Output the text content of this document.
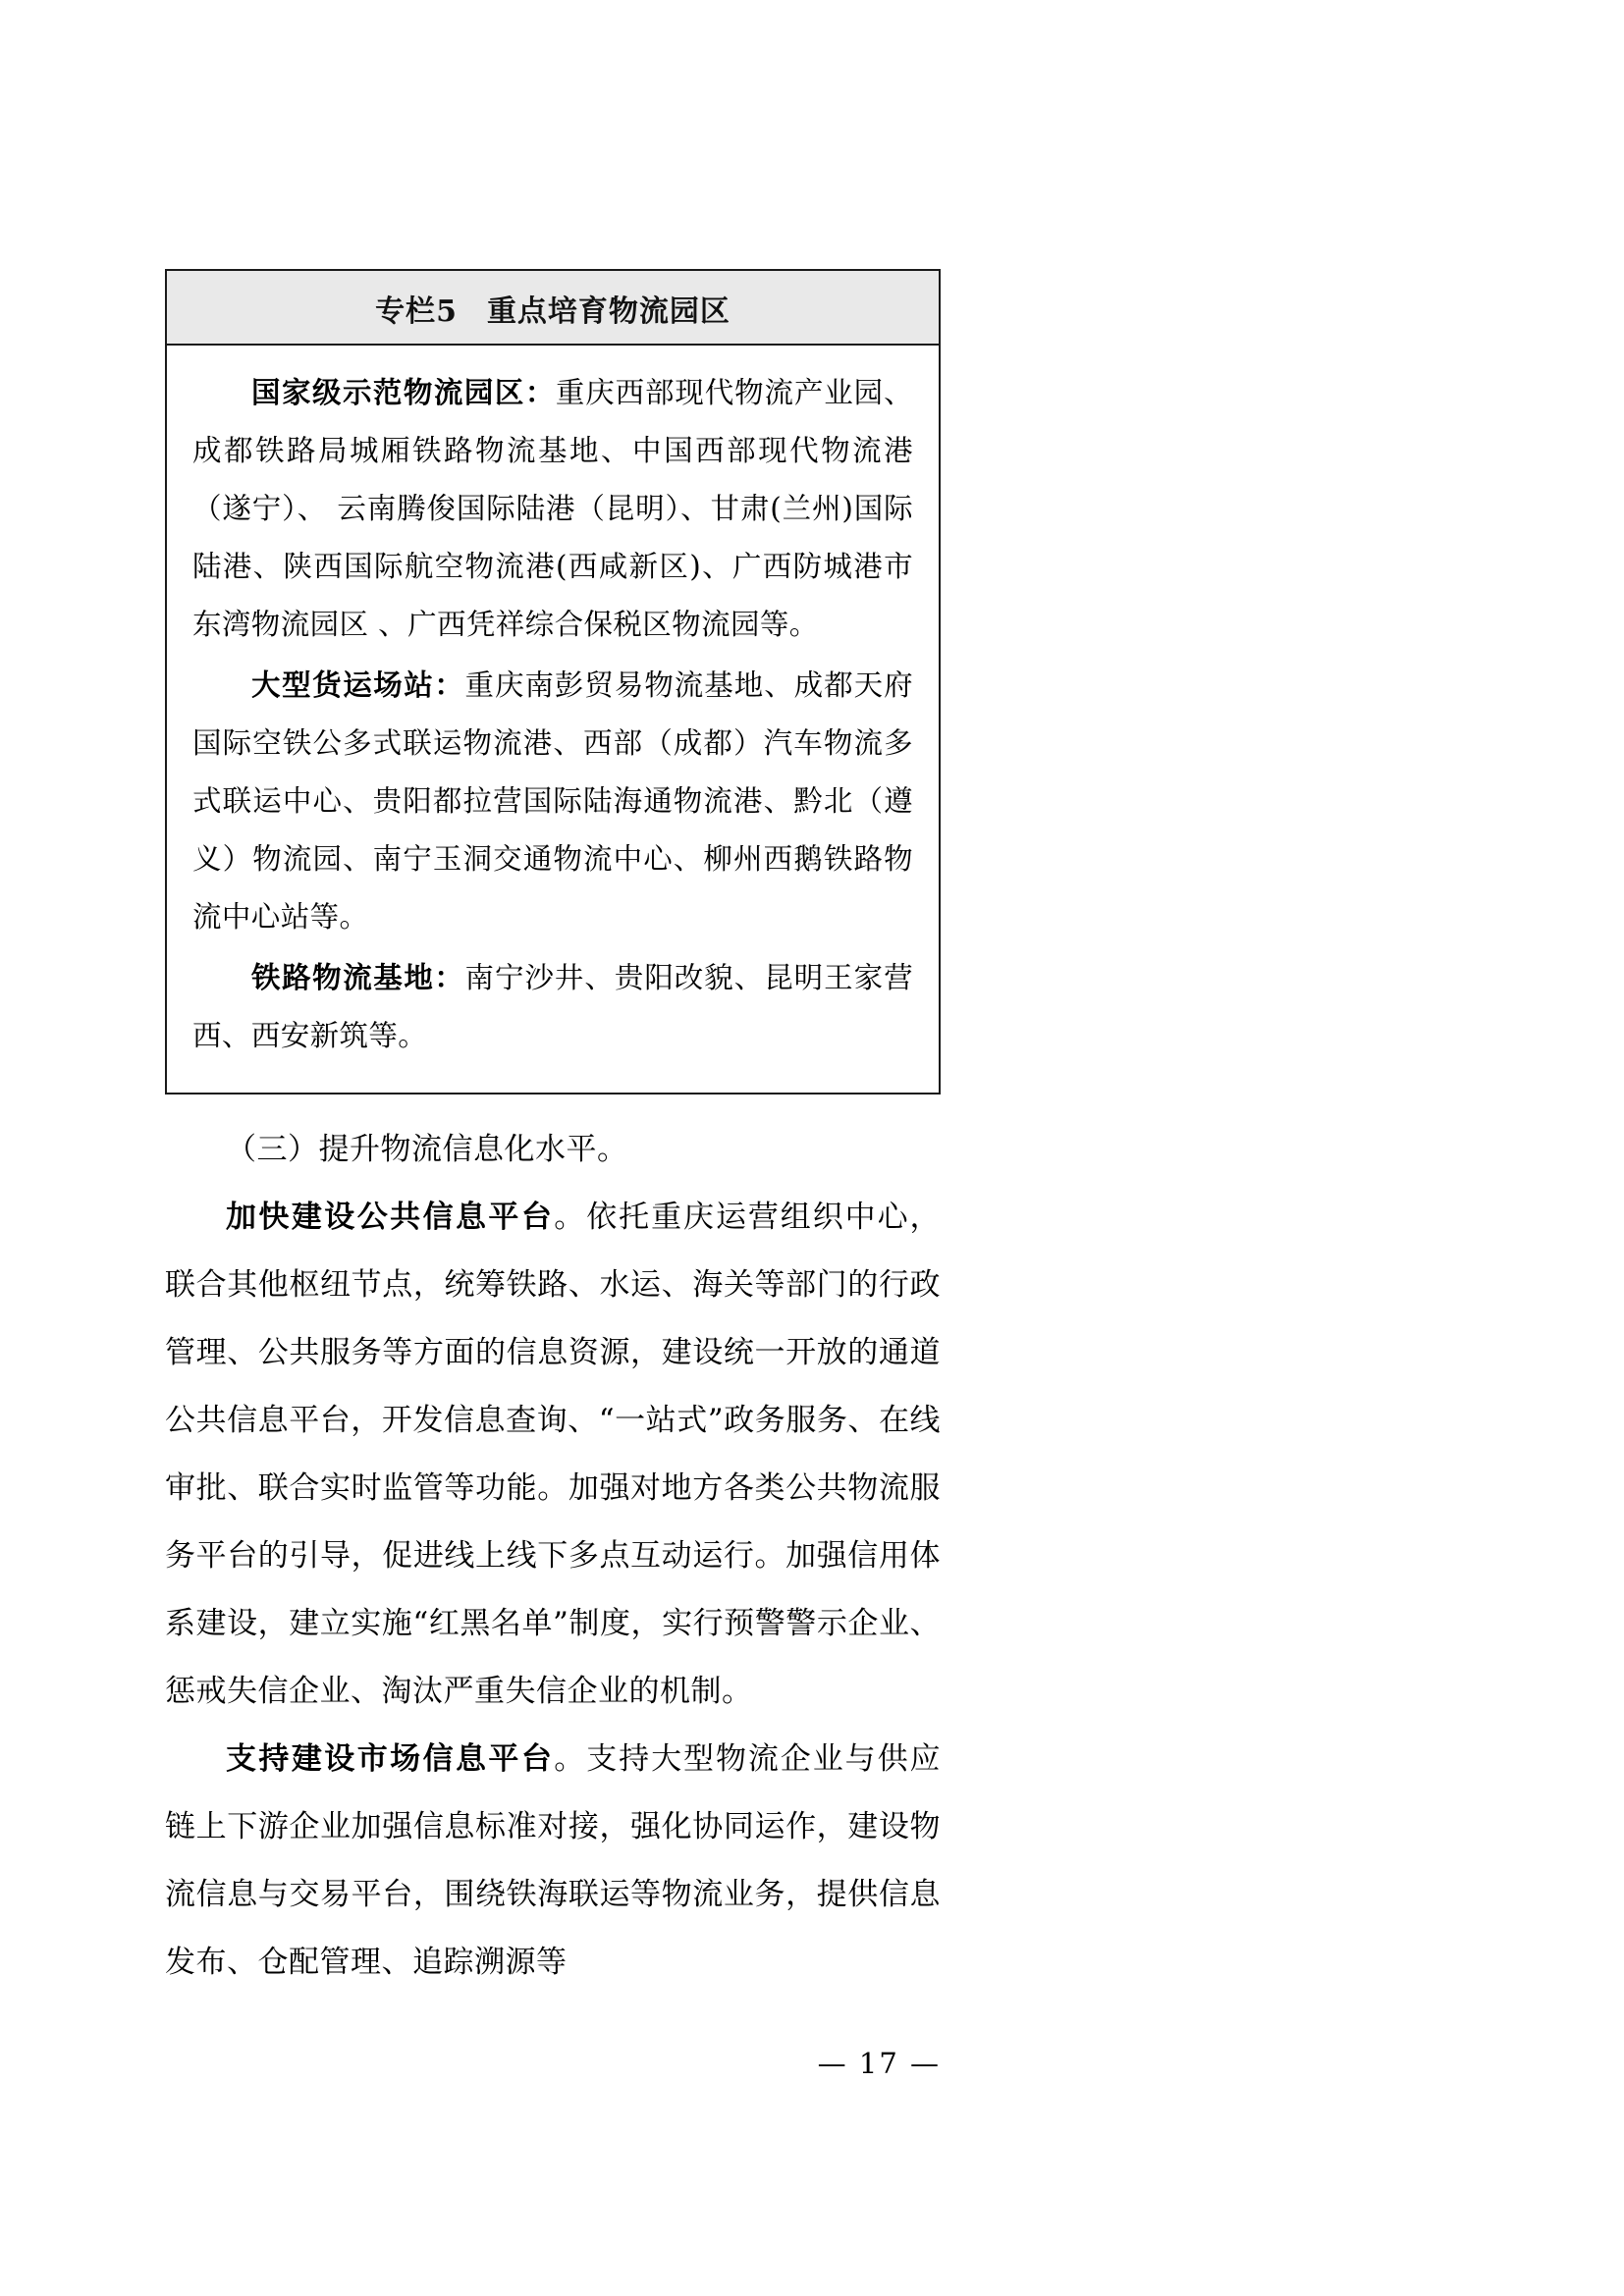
专栏5 重点培育物流园区

国家级示范物流园区：重庆西部现代物流产业园、成都铁路局城厢铁路物流基地、中国西部现代物流港（遂宁）、 云南腾俊国际陆港（昆明）、甘肃(兰州)国际陆港、陕西国际航空物流港(西咸新区)、广西防城港市东湾物流园区 、广西凭祥综合保税区物流园等。

大型货运场站：重庆南彭贸易物流基地、成都天府国际空铁公多式联运物流港、西部（成都）汽车物流多式联运中心、贵阳都拉营国际陆海通物流港、黔北（遵义）物流园、南宁玉洞交通物流中心、柳州西鹅铁路物流中心站等。

铁路物流基地：南宁沙井、贵阳改貌、昆明王家营西、西安新筑等。

（三）提升物流信息化水平。

加快建设公共信息平台。依托重庆运营组织中心，联合其他枢纽节点，统筹铁路、水运、海关等部门的行政管理、公共服务等方面的信息资源，建设统一开放的通道公共信息平台，开发信息查询、“一站式”政务服务、在线审批、联合实时监管等功能。加强对地方各类公共物流服务平台的引导，促进线上线下多点互动运行。加强信用体系建设，建立实施“红黑名单”制度，实行预警警示企业、惩戒失信企业、淘汰严重失信企业的机制。

支持建设市场信息平台。支持大型物流企业与供应链上下游企业加强信息标准对接，强化协同运作，建设物流信息与交易平台，围绕铁海联运等物流业务，提供信息发布、仓配管理、追踪溯源等

— 17 —
